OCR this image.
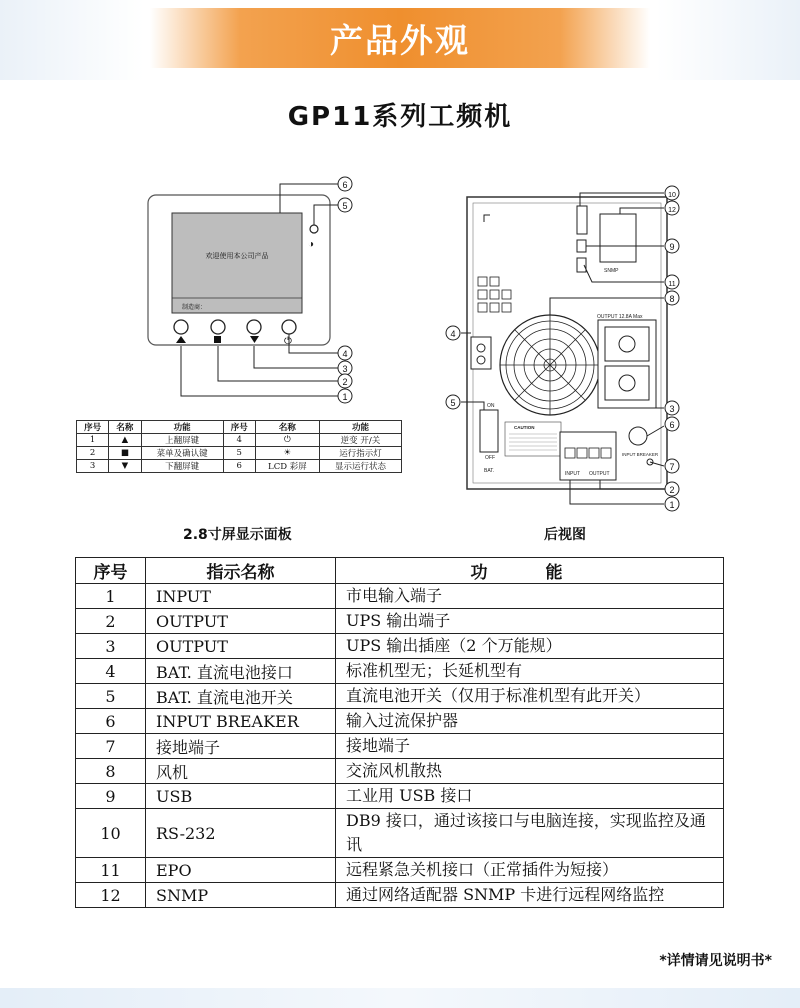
产品外观
GP11系列工频机
欢迎使用本公司产品
制造商：
◑
⏻
6
5
4
3
2
1
SNMP
OUTPUT 12.8A Max
ON
OFF
BAT.
CAUTION
INPUT OUTPUT
INPUT BREAKER
10
12
9
11
8
3
6
7
2
1
4
5
序号	名称	功能	序号	名称	功能
1	▲	上翻屏键	4	⏻	逆变 开/关
2	■	菜单及确认键	5	☀	运行指示灯
3	▼	下翻屏键	6	LCD 彩屏	显示运行状态
2.8寸屏显示面板	后视图
序号	指示名称	功 能
1	INPUT	市电输入端子
2	OUTPUT	UPS 输出端子
3	OUTPUT	UPS 输出插座（2 个万能规）
4	BAT. 直流电池接口	标准机型无；长延机型有
5	BAT. 直流电池开关	直流电池开关（仅用于标准机型有此开关）
6	INPUT BREAKER	输入过流保护器
7	接地端子	接地端子
8	风机	交流风机散热
9	USB	工业用 USB 接口
10	RS-232	DB9 接口，通过该接口与电脑连接，实现监控及通讯
11	EPO	远程紧急关机接口（正常插件为短接）
12	SNMP	通过网络适配器 SNMP 卡进行远程网络监控
*详情请见说明书*
